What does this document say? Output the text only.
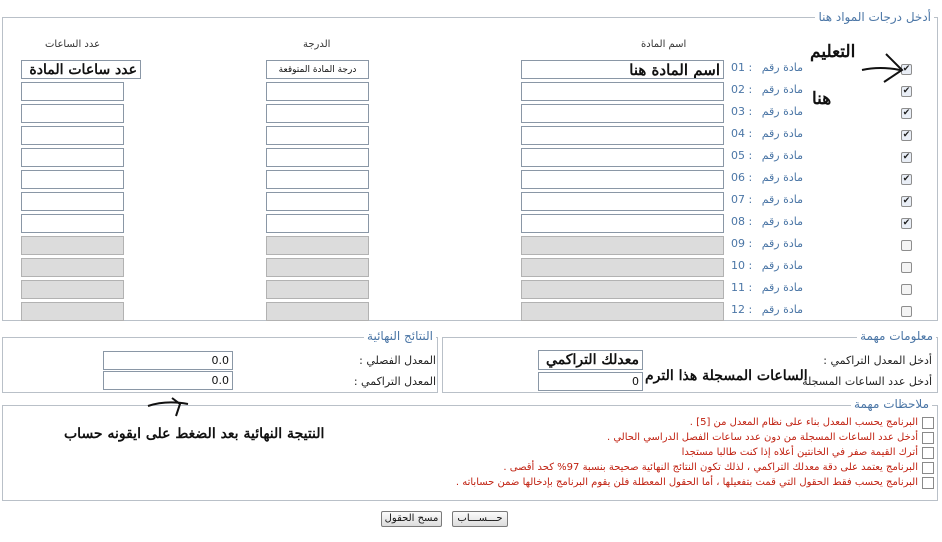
أدخل درجات المواد هنا
اسم المادة
الدرجة
عدد الساعات
✔
مادة رقم
01 :
اسم المادة هنا
درجة المادة المتوقعة
عدد ساعات المادة
✔
مادة رقم
02 :
✔
مادة رقم
03 :
✔
مادة رقم
04 :
✔
مادة رقم
05 :
✔
مادة رقم
06 :
✔
مادة رقم
07 :
✔
مادة رقم
08 :
مادة رقم
09 :
مادة رقم
10 :
مادة رقم
11 :
مادة رقم
12 :
التعليم
هنا
معلومات مهمة
أدخل المعدل التراكمي :
أدخل عدد الساعات المسجلة
معدلك التراكمي الحالي
الساعات المسجلة هذا الترم
0
النتائج النهائية
المعدل الفصلي :
المعدل التراكمي :
0.0
0.0
ملاحظات مهمة
البرنامج يحسب المعدل بناء على نظام المعدل من [5] .
أدخل عدد الساعات المسجلة من دون عدد ساعات الفصل الدراسي الحالي .
أترك القيمة صفر في الخانتين أعلاه إذا كنت طالبا مستجدا
البرنامج يعتمد على دقة معدلك التراكمي ، لذلك تكون النتائج النهائية صحيحة بنسبة 97% كحد أقصى .
البرنامج يحسب فقط الحقول التي قمت بتفعيلها ، أما الحقول المعطلة فلن يقوم البرنامج بإدخالها ضمن حساباته .
النتيجة النهائية بعد الضغط على ايقونه حساب
حـــســـاب
مسح الحقول
